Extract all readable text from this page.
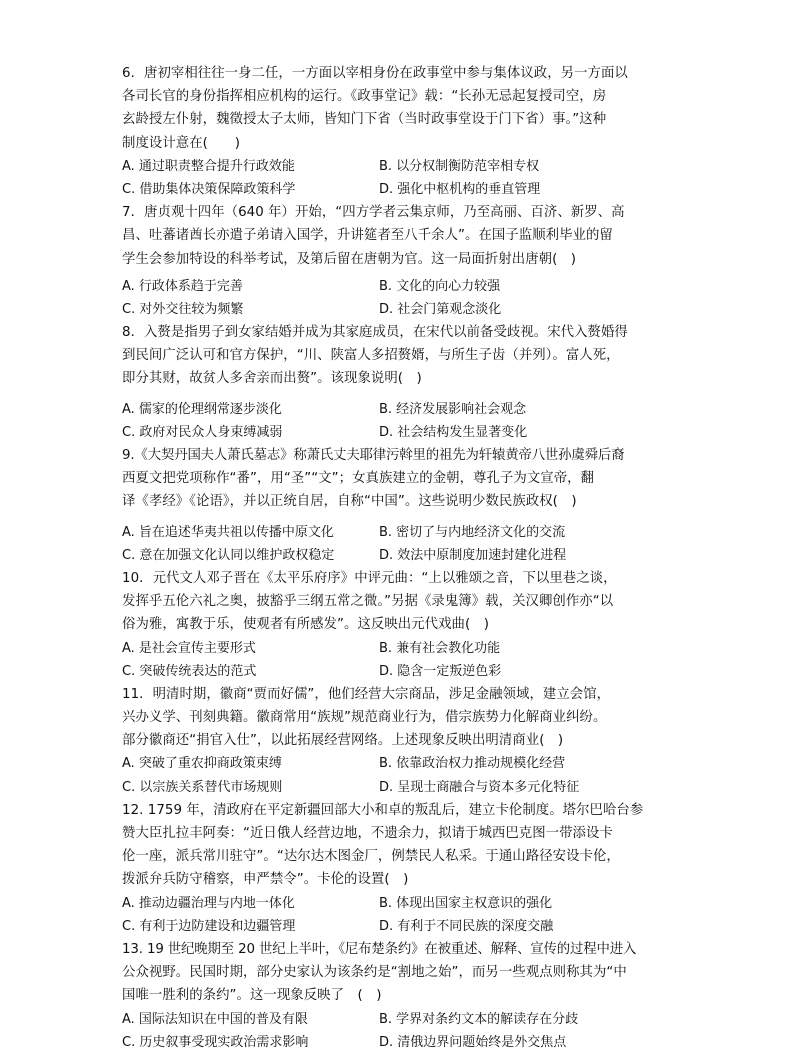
6．唐初宰相往往一身二任，一方面以宰相身份在政事堂中参与集体议政，另一方面以
各司长官的身份指挥相应机构的运行。《政事堂记》载：“长孙无忌起复授司空，房
玄龄授左仆射，魏徵授太子太师，皆知门下省（当时政事堂设于门下省）事。”这种
制度设计意在(　　)
A. 通过职责整合提升行政效能	B. 以分权制衡防范宰相专权
C. 借助集体决策保障政策科学	D. 强化中枢机构的垂直管理
7．唐贞观十四年（640 年）开始，“四方学者云集京师，乃至高丽、百济、新罗、高
昌、吐蕃诸酋长亦遣子弟请入国学，升讲筵者至八千余人”。在国子监顺利毕业的留
学生会参加特设的科举考试，及第后留在唐朝为官。这一局面折射出唐朝(　)
A. 行政体系趋于完善	B. 文化的向心力较强
C. 对外交往较为频繁	D. 社会门第观念淡化
8．入赘是指男子到女家结婚并成为其家庭成员，在宋代以前备受歧视。宋代入赘婚得
到民间广泛认可和官方保护，“川、陕富人多招赘婿，与所生子齿（并列）。富人死，
即分其财，故贫人多舍亲而出赘”。该现象说明(　)
A. 儒家的伦理纲常逐步淡化	B. 经济发展影响社会观念
C. 政府对民众人身束缚减弱	D. 社会结构发生显著变化
9.《大契丹国夫人萧氏墓志》称萧氏丈夫耶律污斡里的祖先为轩辕黄帝八世孙虞舜后裔
西夏文把党项称作“番”，用“圣”“文”；女真族建立的金朝，尊孔子为文宣帝，翻
译《孝经》《论语》，并以正统自居，自称“中国”。这些说明少数民族政权(　)
A. 旨在追述华夷共祖以传播中原文化	B. 密切了与内地经济文化的交流
C. 意在加强文化认同以维护政权稳定	D. 效法中原制度加速封建化进程
10．元代文人邓子晋在《太平乐府序》中评元曲：“上以雅颂之音，下以里巷之谈，
发挥乎五伦六礼之奥，披豁乎三纲五常之微。”另据《录鬼簿》载，关汉卿创作亦“以
俗为雅，寓教于乐，使观者有所感发”。这反映出元代戏曲(　)
A. 是社会宣传主要形式	B. 兼有社会教化功能
C. 突破传统表达的范式	D. 隐含一定叛逆色彩
11．明清时期，徽商“贾而好儒”，他们经营大宗商品，涉足金融领域，建立会馆，
兴办义学、刊刻典籍。徽商常用“族规”规范商业行为，借宗族势力化解商业纠纷。
部分徽商还“捐官入仕”，以此拓展经营网络。上述现象反映出明清商业(　)
A. 突破了重农抑商政策束缚	B. 依靠政治权力推动规模化经营
C. 以宗族关系替代市场规则	D. 呈现士商融合与资本多元化特征
12. 1759 年，清政府在平定新疆回部大小和卓的叛乱后，建立卡伦制度。塔尔巴哈台参
赞大臣扎拉丰阿奏：“近日俄人经营边地，不遗余力，拟请于城西巴克图一带添设卡
伦一座，派兵常川驻守”。“达尔达木图金厂，例禁民人私采。于通山路径安设卡伦，
拨派弁兵防守稽察，申严禁令”。卡伦的设置(　)
A. 推动边疆治理与内地一体化	B. 体现出国家主权意识的强化
C. 有利于边防建设和边疆管理	D. 有利于不同民族的深度交融
13. 19 世纪晚期至 20 世纪上半叶，《尼布楚条约》在被重述、解释、宣传的过程中进入
公众视野。民国时期，部分史家认为该条约是“割地之始”，而另一些观点则称其为“中
国唯一胜利的条约”。这一现象反映了　(　)
A. 国际法知识在中国的普及有限	B. 学界对条约文本的解读存在分歧
C. 历史叙事受现实政治需求影响	D. 清俄边界问题始终是外交焦点
